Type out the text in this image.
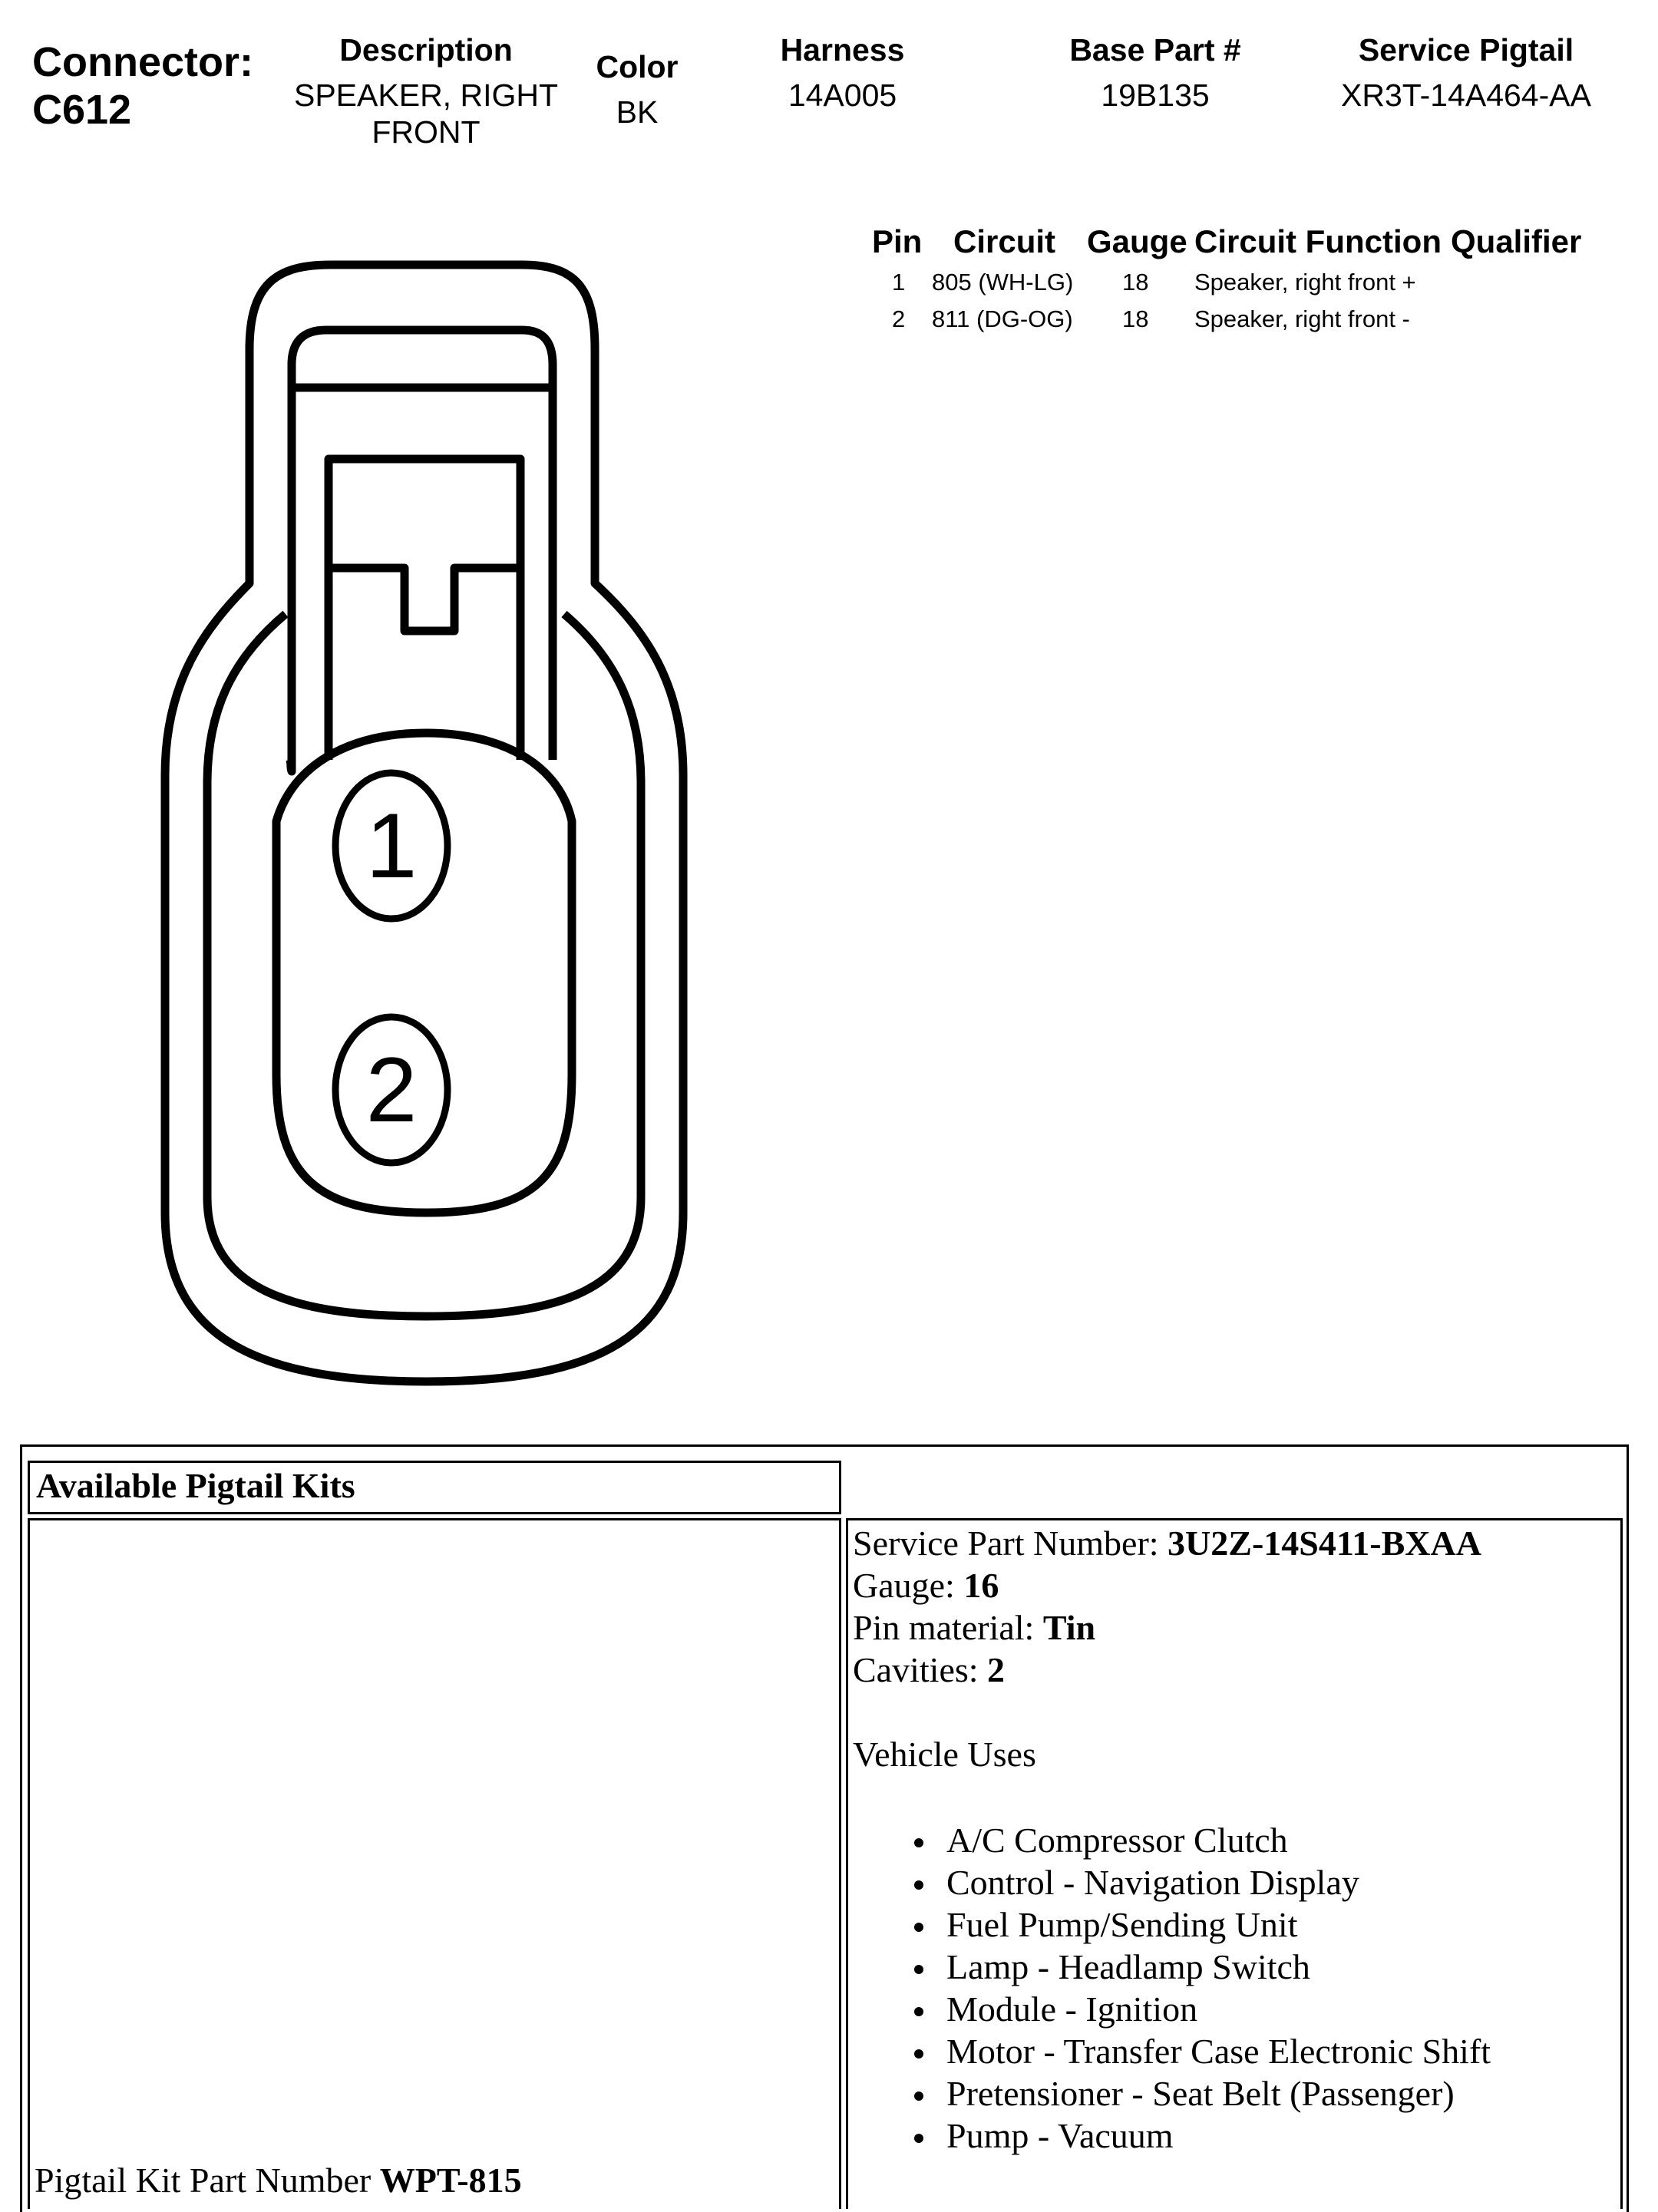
Connector:
C612
Description
SPEAKER, RIGHT
FRONT
Color
BK
Harness
14A005
Base Part #
19B135
Service Pigtail
XR3T-14A464-AA
Pin Circuit Gauge Circuit Function Qualifier
1 805 (WH-LG) 18 Speaker, right front +
2 811 (DG-OG) 18 Speaker, right front -
1
2
Available Pigtail Kits
Pigtail Kit Part Number WPT-815
Service Part Number: 3U2Z-14S411-BXAA
Gauge: 16
Pin material: Tin
Cavities: 2
Vehicle Uses
A/C Compressor Clutch
Control - Navigation Display
Fuel Pump/Sending Unit
Lamp - Headlamp Switch
Module - Ignition
Motor - Transfer Case Electronic Shift
Pretensioner - Seat Belt (Passenger)
Pump - Vacuum
